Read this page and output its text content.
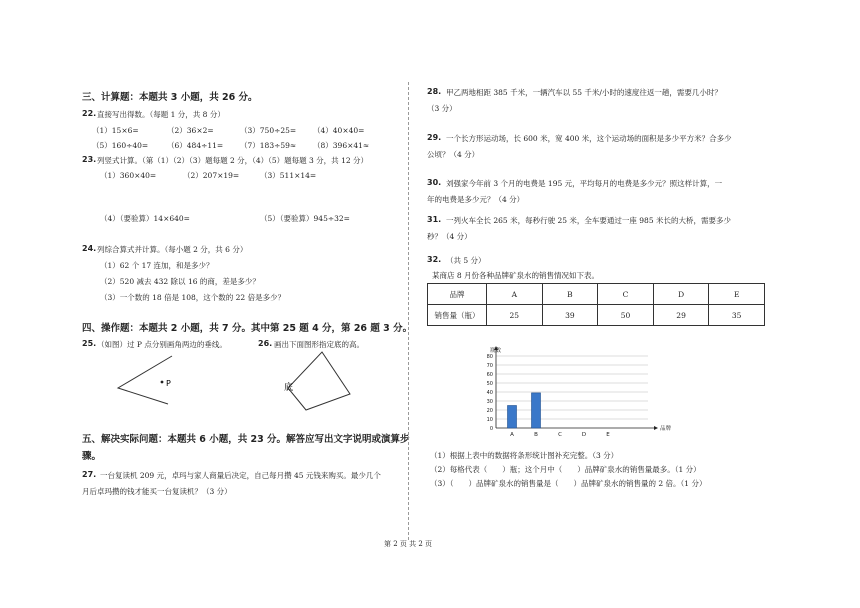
三、计算题：本题共 3 小题，共 26 分。
22. 直接写出得数。（每题 1 分，共 8 分）
（1）15×6=	（2）36×2=	（3）750÷25= （4）40×40=
（5）160÷40=	（6）484÷11= （7）183÷59≈ （8）396×41≈
23. 列竖式计算。（第（1）（2）（3）题每题 2 分，（4）（5）题每题 3 分，共 12 分）
（1）360×40=	（2）207×19=	（3）511×14=
（4）（要验算）14×640=	（5）（要验算）945÷32=
24. 列综合算式并计算。（每小题 2 分，共 6 分）
（1）62 个 17 连加，和是多少？
（2）520 减去 432 除以 16 的商，差是多少？
（3）一个数的 18 倍是 108，这个数的 22 倍是多少？
四、操作题：本题共 2 小题，共 7 分。其中第 25 题 4 分，第 26 题 3 分。
25. （如图）过 P 点分别画角两边的垂线。	26. 画出下面图形指定底的高。
P	底
五、解决实际问题：本题共 6 小题，共 23 分。解答应写出文字说明或演算步
骤。
27. 一台复读机 209 元，卓玛与家人商量后决定，自己每月攒 45 元钱来购买。最少几个
月后卓玛攒的钱才能买一台复读机？（3 分）
28. 甲乙两地相距 385 千米，一辆汽车以 55 千米/小时的速度往返一趟，需要几小时？
（3 分）
29. 一个长方形运动场，长 600 米，宽 400 米，这个运动场的面积是多少平方米？合多少
公顷？（4 分）
30. 刘强家今年前 3 个月的电费是 195 元，平均每月的电费是多少元？照这样计算，一
年的电费是多少元？（4 分）
31. 一列火车全长 265 米，每秒行驶 25 米，全车要通过一座 985 米长的大桥，需要多少
秒？（4 分）
32. （共 5 分）
某商店 8 月份各种品牌矿泉水的销售情况如下表。
品牌	A	B	C	D	E
销售量（瓶）	25	39	50	29	35
0
10
20
30
40
50
60
70
80
瓶数
品牌
A	B	C	D	E
（1）根据上表中的数据将条形统计图补充完整。（3 分）
（2）每格代表（　　）瓶；这个月中（　　）品牌矿泉水的销售量最多。（1 分）
（3）（　　）品牌矿泉水的销售量是（　　）品牌矿泉水的销售量的 2 倍。（1 分）
第 2 页 共 2 页
